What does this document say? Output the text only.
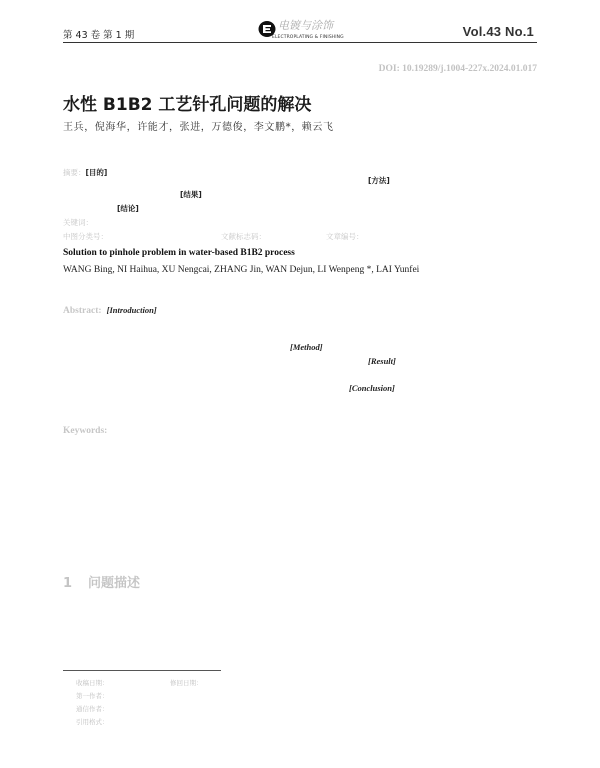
第 43 卷 第 1 期
电镀与涂饰
ELECTROPLATING & FINISHING	Vol.43 No.1
DOI: 10.19289/j.1004-227x.2024.01.017
水性 B1B2 工艺针孔问题的解决
王兵，倪海华，许能才，张进，万德俊，李文鹏*，赖云飞
摘要：[目的]
[方法]
[结果]
[结论]
关键词：
中图分类号：	文献标志码：	文章编号：
Solution to pinhole problem in water-based B1B2 process
WANG Bing, NI Haihua, XU Nengcai, ZHANG Jin, WAN Dejun, LI Wenpeng *, LAI Yunfei
Abstract: [Introduction]
[Method]
[Result]
[Conclusion]
Keywords:
1 问题描述
收稿日期：	修回日期：
第一作者：
通信作者：
引用格式：
